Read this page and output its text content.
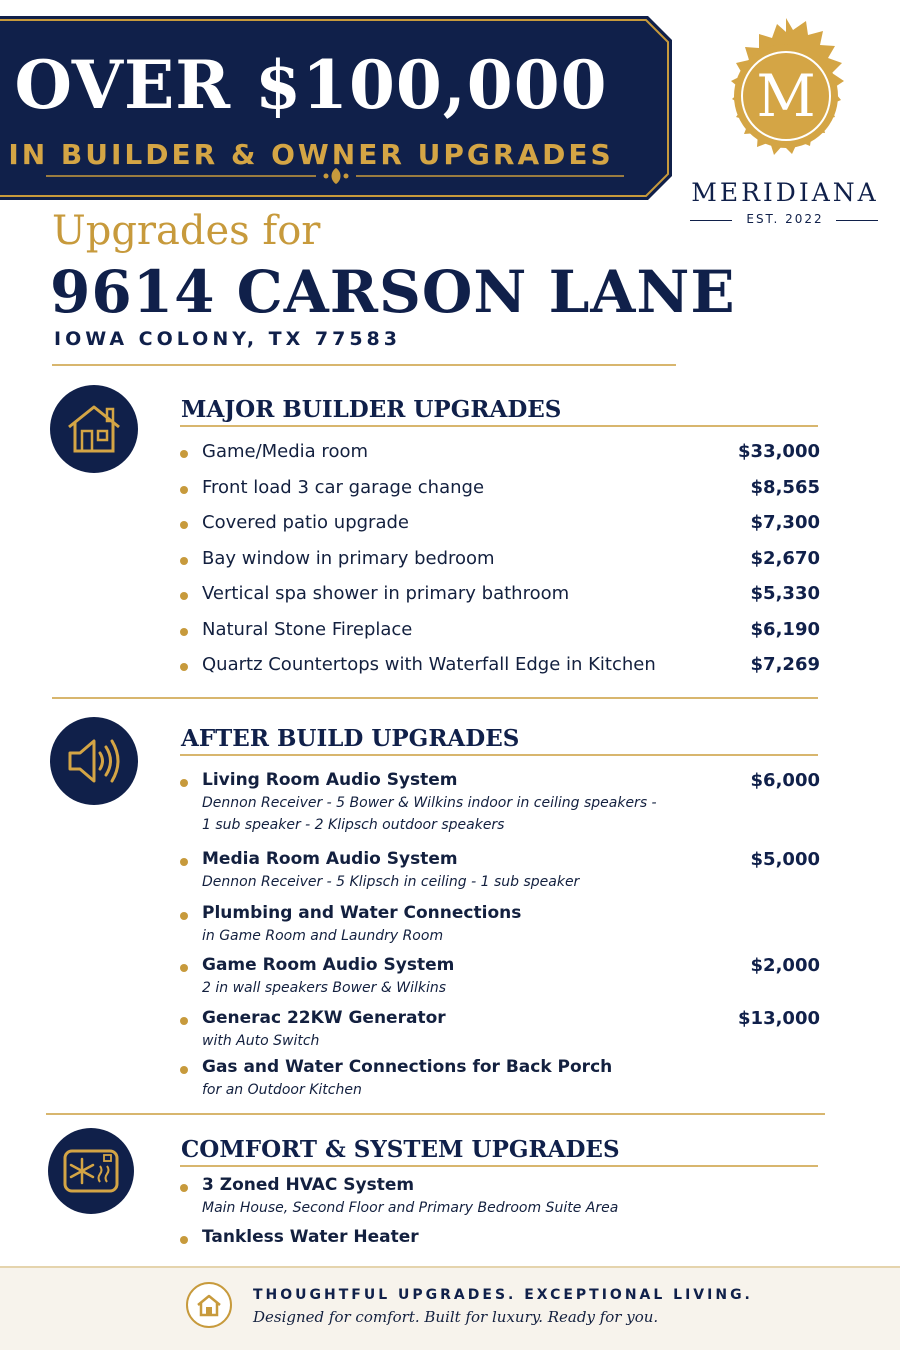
OVER $100,000
IN BUILDER & OWNER UPGRADES
M
MERIDIANA
EST. 2022
Upgrades for
9614 CARSON LANE
IOWA COLONY, TX 77583
MAJOR BUILDER UPGRADES
Game/Media room	$33,000
Front load 3 car garage change	$8,565
Covered patio upgrade	$7,300
Bay window in primary bedroom	$2,670
Vertical spa shower in primary bathroom	$5,330
Natural Stone Fireplace	$6,190
Quartz Countertops with Waterfall Edge in Kitchen	$7,269
AFTER BUILD UPGRADES
Living Room Audio System	$6,000
Dennon Receiver - 5 Bower & Wilkins indoor in ceiling speakers -
1 sub speaker - 2 Klipsch outdoor speakers
Media Room Audio System	$5,000
Dennon Receiver - 5 Klipsch in ceiling - 1 sub speaker
Plumbing and Water Connections
in Game Room and Laundry Room
Game Room Audio System	$2,000
2 in wall speakers Bower & Wilkins
Generac 22KW Generator	$13,000
with Auto Switch
Gas and Water Connections for Back Porch
for an Outdoor Kitchen
COMFORT & SYSTEM UPGRADES
3 Zoned HVAC System
Main House, Second Floor and Primary Bedroom Suite Area
Tankless Water Heater
THOUGHTFUL UPGRADES. EXCEPTIONAL LIVING.
Designed for comfort. Built for luxury. Ready for you.
